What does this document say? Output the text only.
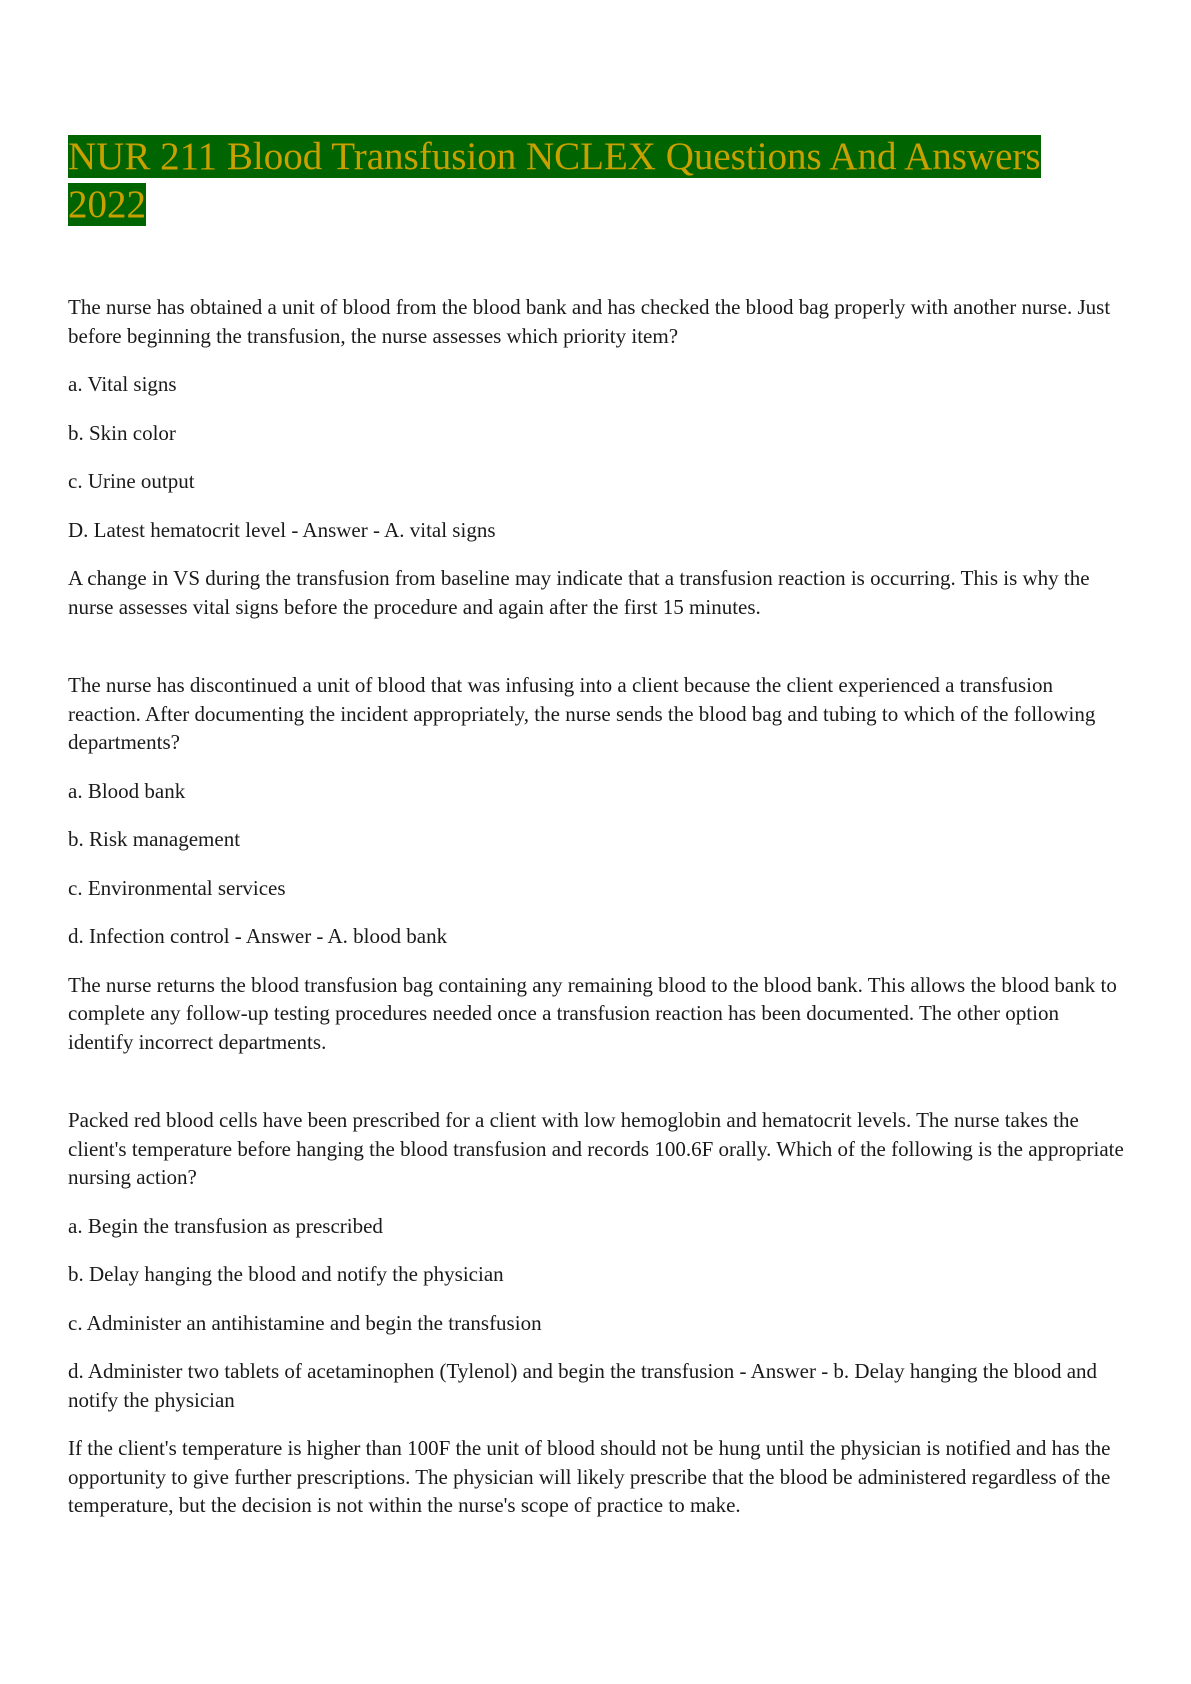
NUR 211 Blood Transfusion NCLEX Questions And Answers 2022

The nurse has obtained a unit of blood from the blood bank and has checked the blood bag properly with another nurse. Just before beginning the transfusion, the nurse assesses which priority item?

a. Vital signs

b. Skin color

c. Urine output

D. Latest hematocrit level - Answer - A. vital signs

A change in VS during the transfusion from baseline may indicate that a transfusion reaction is occurring. This is why the nurse assesses vital signs before the procedure and again after the first 15 minutes.

The nurse has discontinued a unit of blood that was infusing into a client because the client experienced a transfusion reaction. After documenting the incident appropriately, the nurse sends the blood bag and tubing to which of the following departments?

a. Blood bank

b. Risk management

c. Environmental services

d. Infection control - Answer - A. blood bank

The nurse returns the blood transfusion bag containing any remaining blood to the blood bank. This allows the blood bank to complete any follow-up testing procedures needed once a transfusion reaction has been documented. The other option identify incorrect departments.

Packed red blood cells have been prescribed for a client with low hemoglobin and hematocrit levels. The nurse takes the client's temperature before hanging the blood transfusion and records 100.6F orally. Which of the following is the appropriate nursing action?

a. Begin the transfusion as prescribed

b. Delay hanging the blood and notify the physician

c. Administer an antihistamine and begin the transfusion

d. Administer two tablets of acetaminophen (Tylenol) and begin the transfusion - Answer - b. Delay hanging the blood and notify the physician

If the client's temperature is higher than 100F the unit of blood should not be hung until the physician is notified and has the opportunity to give further prescriptions. The physician will likely prescribe that the blood be administered regardless of the temperature, but the decision is not within the nurse's scope of practice to make.
